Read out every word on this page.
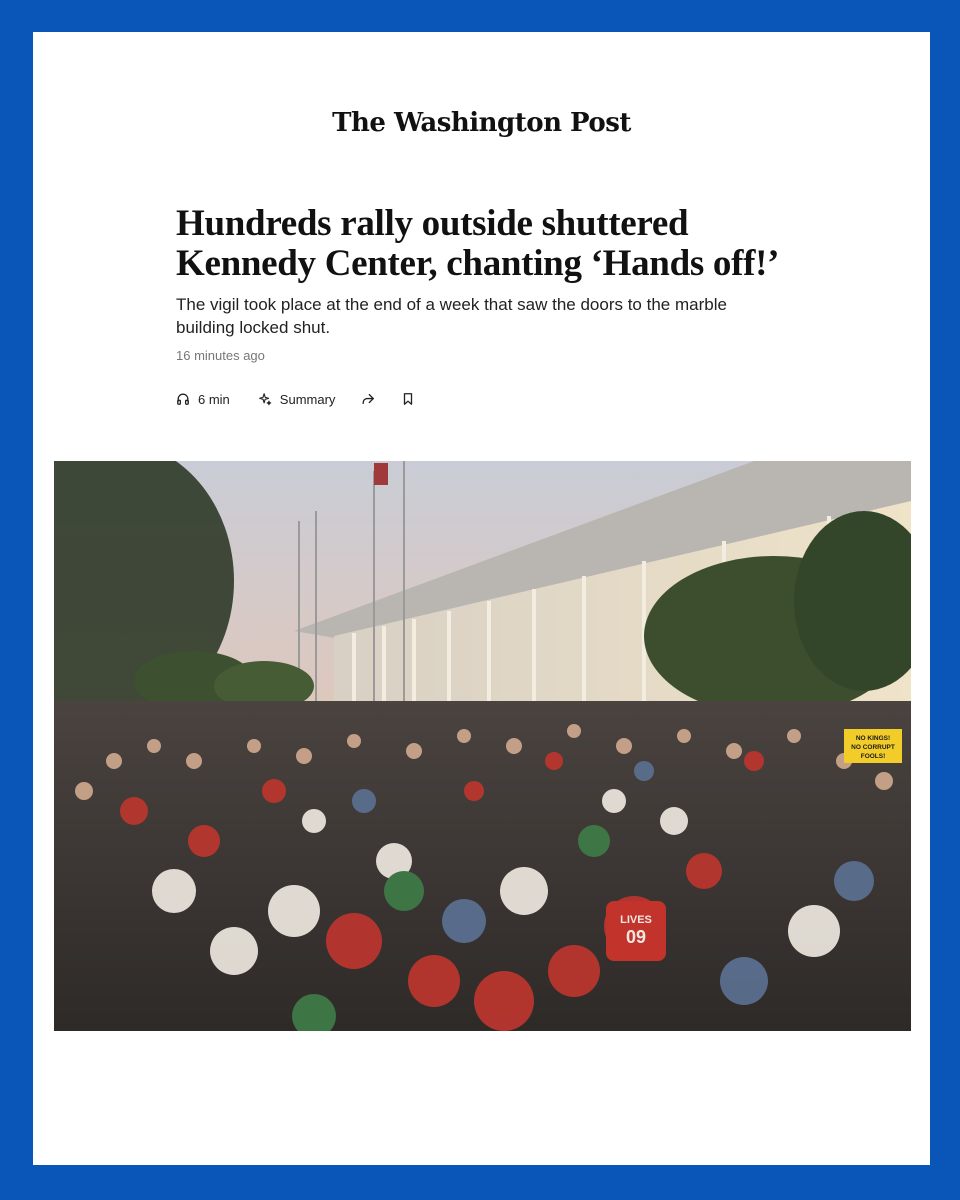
The Washington Post
Hundreds rally outside shuttered Kennedy Center, chanting ‘Hands off!’

The vigil took place at the end of a week that saw the doors to the marble building locked shut.

16 minutes ago
6 min	Summary
NO KINGS!
NO CORRUPT
FOOLS!
LIVES
09
